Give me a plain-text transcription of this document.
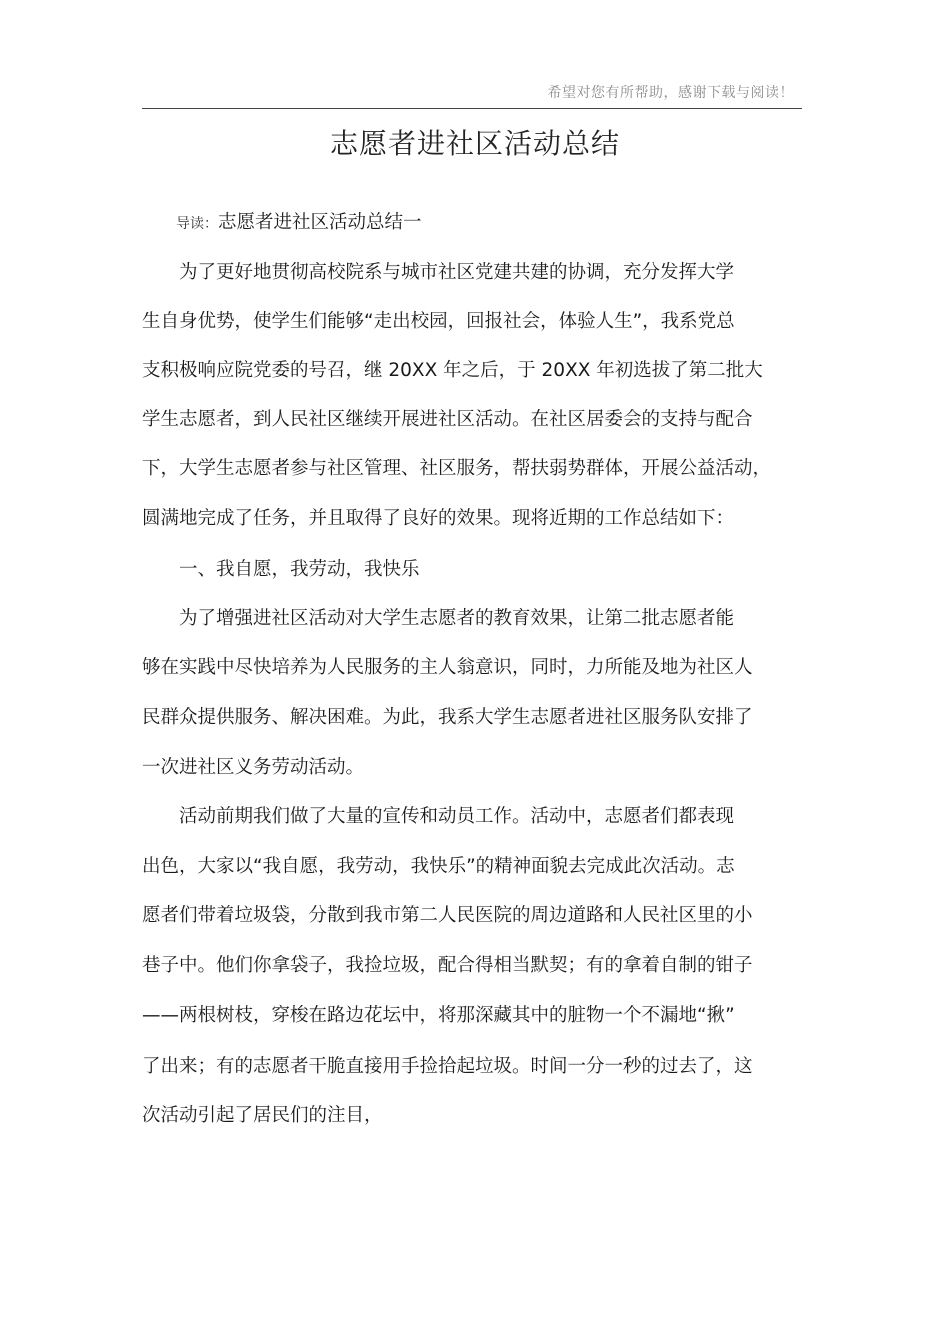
希望对您有所帮助，感谢下载与阅读！
志愿者进社区活动总结
导读：志愿者进社区活动总结一
　　为了更好地贯彻高校院系与城市社区党建共建的协调，充分发挥大学
生自身优势，使学生们能够“走出校园，回报社会，体验人生”，我系党总
支积极响应院党委的号召，继 20XX 年之后，于 20XX 年初选拔了第二批大
学生志愿者，到人民社区继续开展进社区活动。在社区居委会的支持与配合
下，大学生志愿者参与社区管理、社区服务，帮扶弱势群体，开展公益活动，
圆满地完成了任务，并且取得了良好的效果。现将近期的工作总结如下：
　　一、我自愿，我劳动，我快乐
　　为了增强进社区活动对大学生志愿者的教育效果，让第二批志愿者能
够在实践中尽快培养为人民服务的主人翁意识，同时，力所能及地为社区人
民群众提供服务、解决困难。为此，我系大学生志愿者进社区服务队安排了
一次进社区义务劳动活动。
　　活动前期我们做了大量的宣传和动员工作。活动中，志愿者们都表现
出色，大家以“我自愿，我劳动，我快乐”的精神面貌去完成此次活动。志
愿者们带着垃圾袋，分散到我市第二人民医院的周边道路和人民社区里的小
巷子中。他们你拿袋子，我捡垃圾，配合得相当默契；有的拿着自制的钳子
——两根树枝，穿梭在路边花坛中，将那深藏其中的脏物一个不漏地“揪”
了出来；有的志愿者干脆直接用手捡拾起垃圾。时间一分一秒的过去了，这
次活动引起了居民们的注目，
